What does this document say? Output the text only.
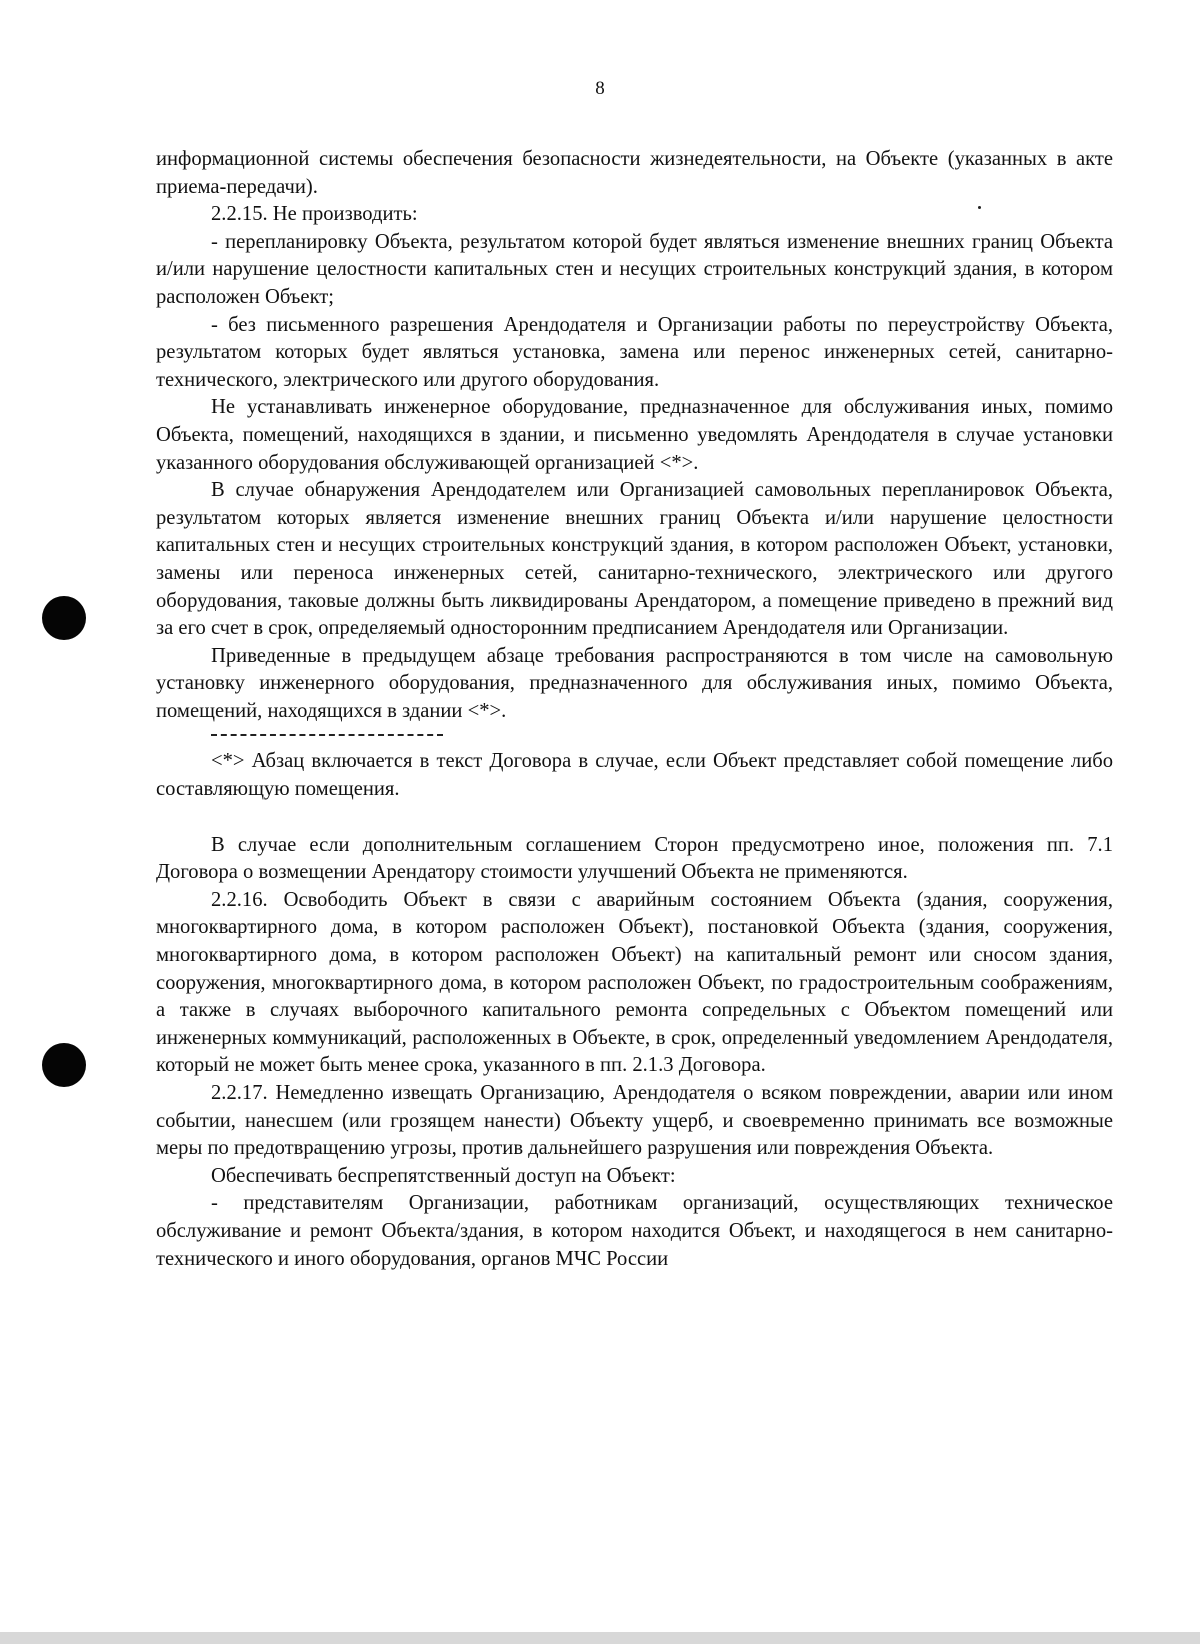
8

информационной системы обеспечения безопасности жизнедеятельности, на Объекте (указанных в акте приема-передачи).

2.2.15. Не производить:

- перепланировку Объекта, результатом которой будет являться изменение внешних границ Объекта и/или нарушение целостности капитальных стен и несущих строительных конструкций здания, в котором расположен Объект;

- без письменного разрешения Арендодателя и Организации работы по переустройству Объекта, результатом которых будет являться установка, замена или перенос инженерных сетей, санитарно-технического, электрического или другого оборудования.

Не устанавливать инженерное оборудование, предназначенное для обслуживания иных, помимо Объекта, помещений, находящихся в здании, и письменно уведомлять Арендодателя в случае установки указанного оборудования обслуживающей организацией <*>.

В случае обнаружения Арендодателем или Организацией самовольных перепланировок Объекта, результатом которых является изменение внешних границ Объекта и/или нарушение целостности капитальных стен и несущих строительных конструкций здания, в котором расположен Объект, установки, замены или переноса инженерных сетей, санитарно-технического, электрического или другого оборудования, таковые должны быть ликвидированы Арендатором, а помещение приведено в прежний вид за его счет в срок, определяемый односторонним предписанием Арендодателя или Организации.

Приведенные в предыдущем абзаце требования распространяются в том числе на самовольную установку инженерного оборудования, предназначенного для обслуживания иных, помимо Объекта, помещений, находящихся в здании <*>.

<*> Абзац включается в текст Договора в случае, если Объект представляет собой помещение либо составляющую помещения.

В случае если дополнительным соглашением Сторон предусмотрено иное, положения пп. 7.1 Договора о возмещении Арендатору стоимости улучшений Объекта не применяются.

2.2.16. Освободить Объект в связи с аварийным состоянием Объекта (здания, сооружения, многоквартирного дома, в котором расположен Объект), постановкой Объекта (здания, сооружения, многоквартирного дома, в котором расположен Объект) на капитальный ремонт или сносом здания, сооружения, многоквартирного дома, в котором расположен Объект, по градостроительным соображениям, а также в случаях выборочного капитального ремонта сопредельных с Объектом помещений или инженерных коммуникаций, расположенных в Объекте, в срок, определенный уведомлением Арендодателя, который не может быть менее срока, указанного в пп. 2.1.3 Договора.

2.2.17. Немедленно извещать Организацию, Арендодателя о всяком повреждении, аварии или ином событии, нанесшем (или грозящем нанести) Объекту ущерб, и своевременно принимать все возможные меры по предотвращению угрозы, против дальнейшего разрушения или повреждения Объекта.

Обеспечивать беспрепятственный доступ на Объект:

- представителям Организации, работникам организаций, осуществляющих техническое обслуживание и ремонт Объекта/здания, в котором находится Объект, и находящегося в нем санитарно-технического и иного оборудования, органов МЧС России
